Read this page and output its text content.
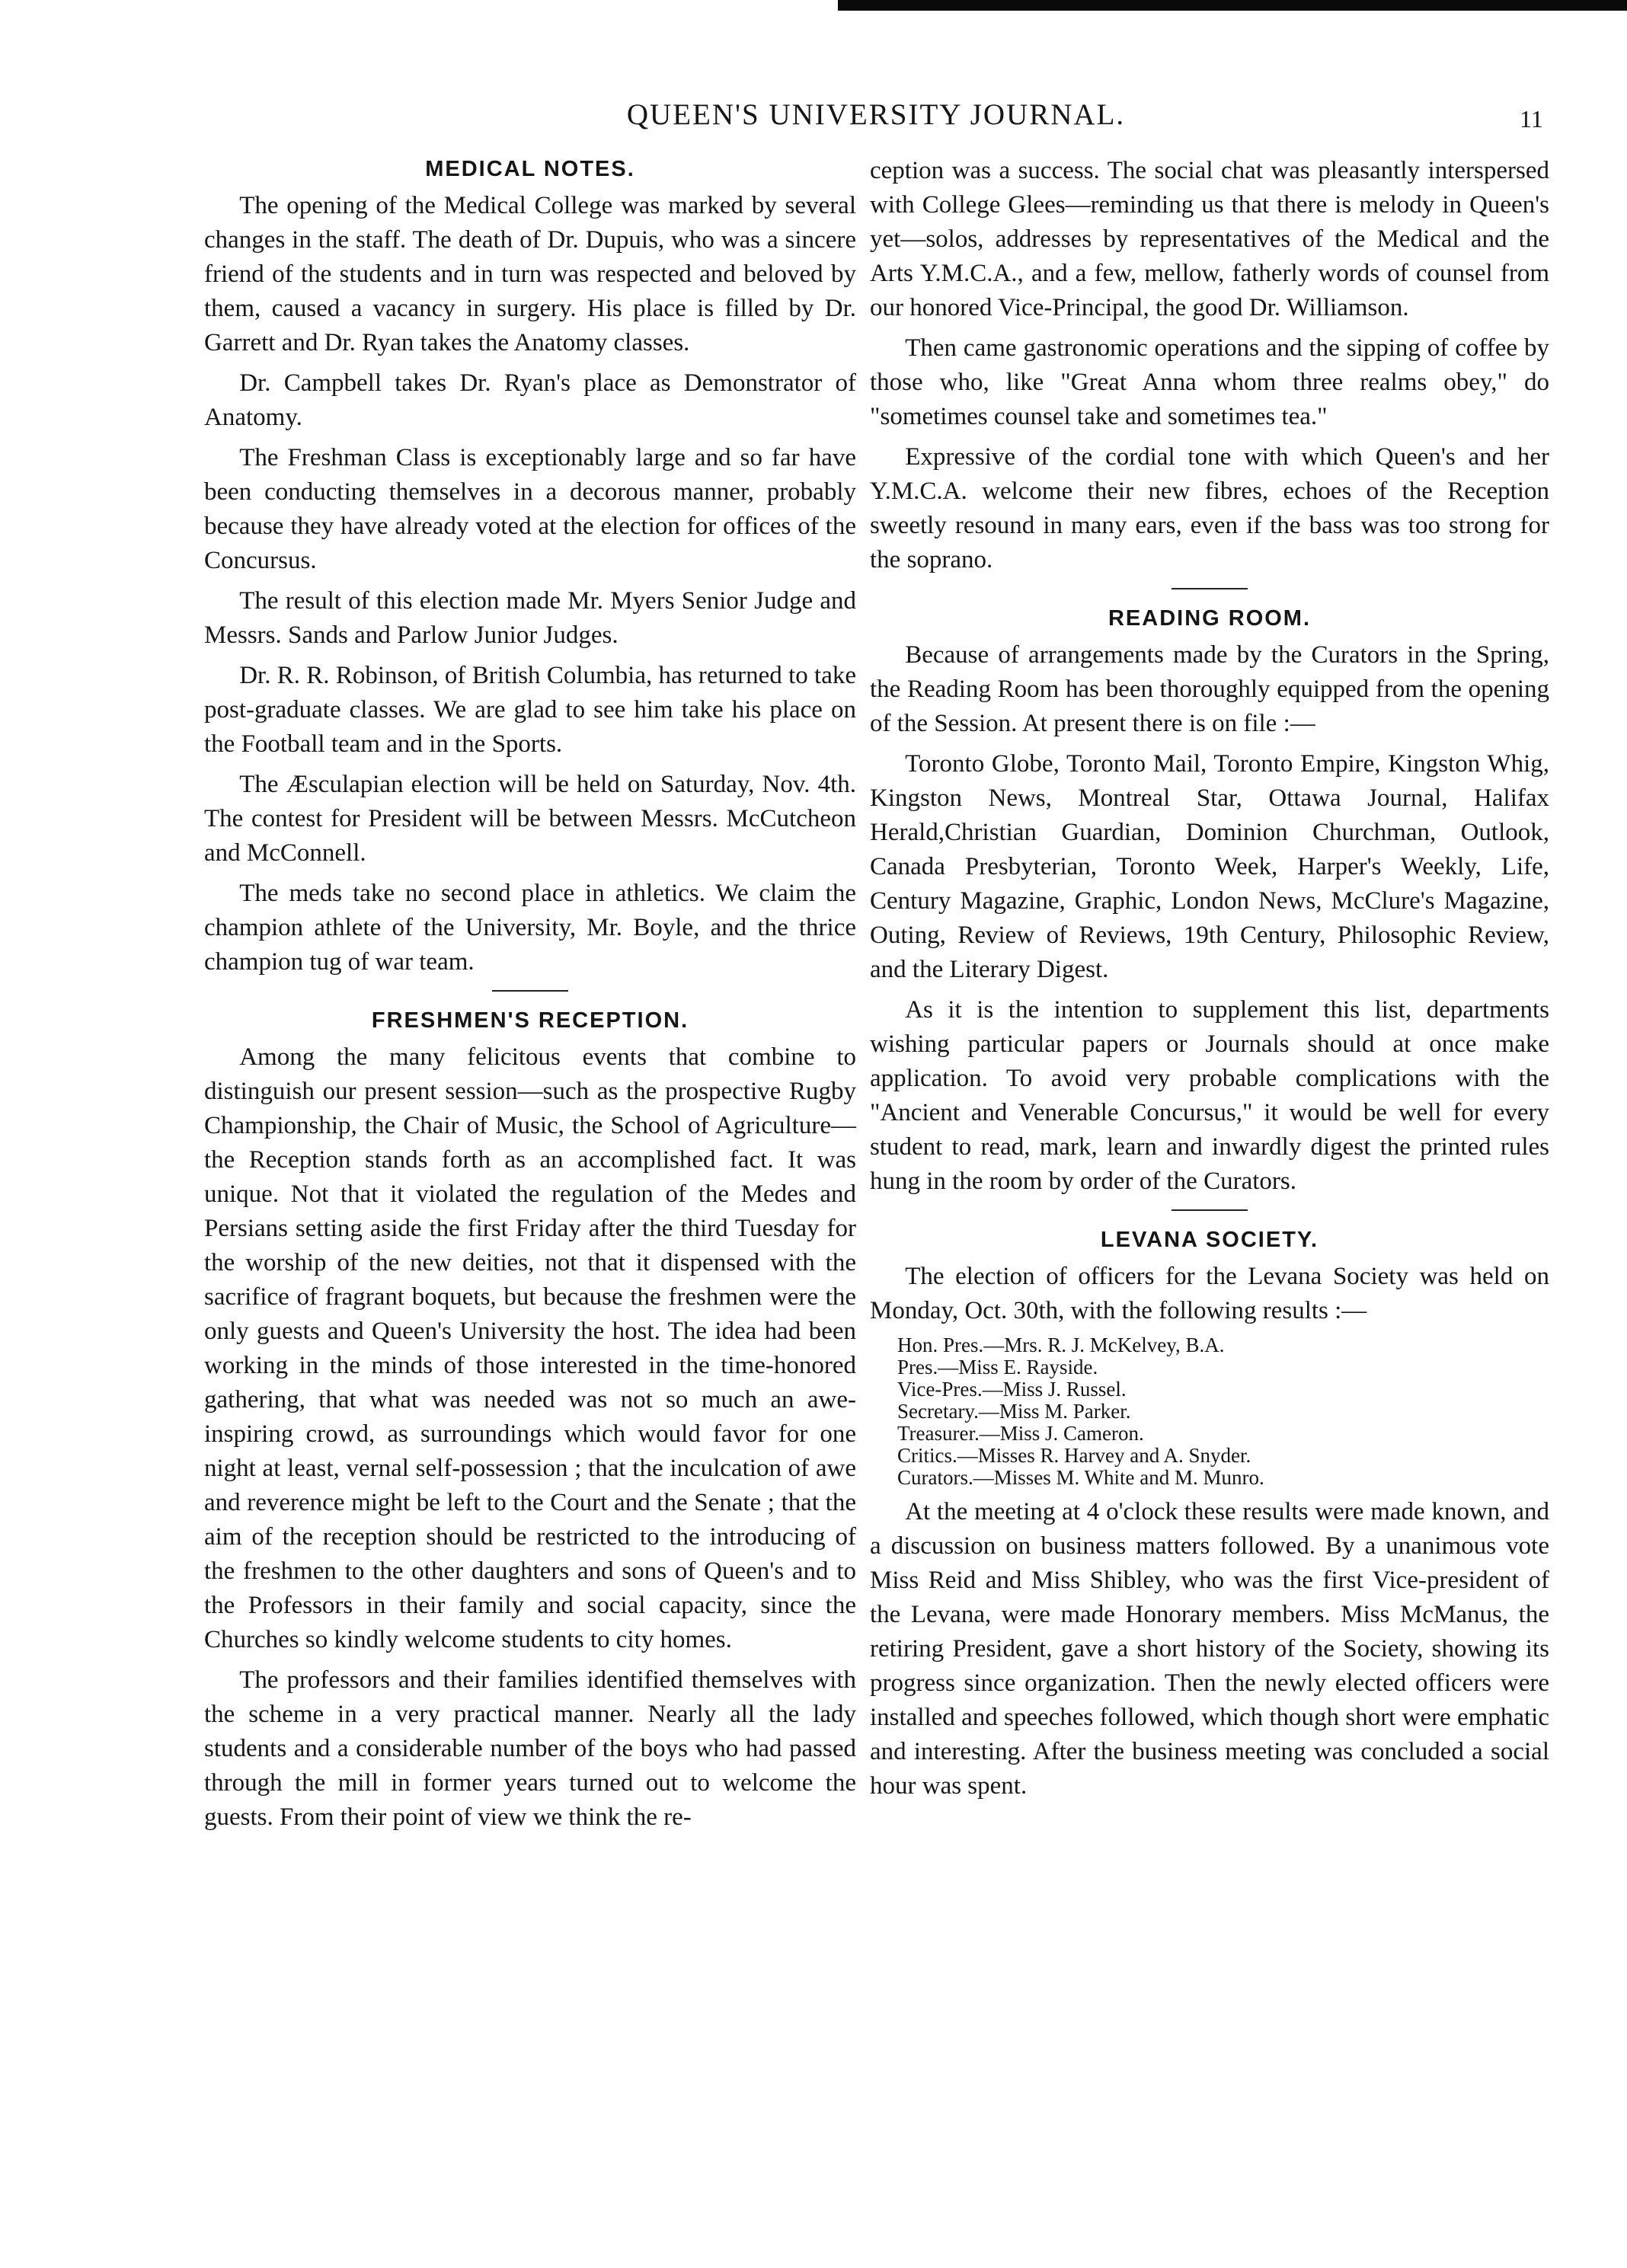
QUEEN'S UNIVERSITY JOURNAL.	11
MEDICAL NOTES.

The opening of the Medical College was marked by several changes in the staff. The death of Dr. Dupuis, who was a sincere friend of the students and in turn was respected and beloved by them, caused a vacancy in surgery. His place is filled by Dr. Garrett and Dr. Ryan takes the Anatomy classes.

Dr. Campbell takes Dr. Ryan's place as Demonstrator of Anatomy.

The Freshman Class is exceptionably large and so far have been conducting themselves in a decorous manner, probably because they have already voted at the election for offices of the Concursus.

The result of this election made Mr. Myers Senior Judge and Messrs. Sands and Parlow Junior Judges.

Dr. R. R. Robinson, of British Columbia, has returned to take post-graduate classes. We are glad to see him take his place on the Football team and in the Sports.

The Æsculapian election will be held on Saturday, Nov. 4th. The contest for President will be between Messrs. McCutcheon and McConnell.

The meds take no second place in athletics. We claim the champion athlete of the University, Mr. Boyle, and the thrice champion tug of war team.

FRESHMEN'S RECEPTION.

Among the many felicitous events that combine to distinguish our present session—such as the prospective Rugby Championship, the Chair of Music, the School of Agriculture—the Reception stands forth as an accomplished fact. It was unique. Not that it violated the regulation of the Medes and Persians setting aside the first Friday after the third Tuesday for the worship of the new deities, not that it dispensed with the sacrifice of fragrant boquets, but because the freshmen were the only guests and Queen's University the host. The idea had been working in the minds of those interested in the time-honored gathering, that what was needed was not so much an awe-inspiring crowd, as surroundings which would favor for one night at least, vernal self-possession ; that the inculcation of awe and reverence might be left to the Court and the Senate ; that the aim of the reception should be restricted to the introducing of the freshmen to the other daughters and sons of Queen's and to the Professors in their family and social capacity, since the Churches so kindly welcome students to city homes.

The professors and their families identified themselves with the scheme in a very practical manner. Nearly all the lady students and a considerable number of the boys who had passed through the mill in former years turned out to welcome the guests. From their point of view we think the re-

ception was a success. The social chat was pleasantly interspersed with College Glees—reminding us that there is melody in Queen's yet—solos, addresses by representatives of the Medical and the Arts Y.M.C.A., and a few, mellow, fatherly words of counsel from our honored Vice-Principal, the good Dr. Williamson.

Then came gastronomic operations and the sipping of coffee by those who, like "Great Anna whom three realms obey," do "sometimes counsel take and sometimes tea."

Expressive of the cordial tone with which Queen's and her Y.M.C.A. welcome their new fibres, echoes of the Reception sweetly resound in many ears, even if the bass was too strong for the soprano.

READING ROOM.

Because of arrangements made by the Curators in the Spring, the Reading Room has been thoroughly equipped from the opening of the Session. At present there is on file :—

Toronto Globe, Toronto Mail, Toronto Empire, Kingston Whig, Kingston News, Montreal Star, Ottawa Journal, Halifax Herald,Christian Guardian, Dominion Churchman, Outlook, Canada Presbyterian, Toronto Week, Harper's Weekly, Life, Century Magazine, Graphic, London News, McClure's Magazine, Outing, Review of Reviews, 19th Century, Philosophic Review, and the Literary Digest.

As it is the intention to supplement this list, departments wishing particular papers or Journals should at once make application. To avoid very probable complications with the "Ancient and Venerable Concursus," it would be well for every student to read, mark, learn and inwardly digest the printed rules hung in the room by order of the Curators.

LEVANA SOCIETY.

The election of officers for the Levana Society was held on Monday, Oct. 30th, with the following results :—

Hon. Pres.—Mrs. R. J. McKelvey, B.A.
Pres.—Miss E. Rayside.
Vice-Pres.—Miss J. Russel.
Secretary.—Miss M. Parker.
Treasurer.—Miss J. Cameron.
Critics.—Misses R. Harvey and A. Snyder.
Curators.—Misses M. White and M. Munro.

At the meeting at 4 o'clock these results were made known, and a discussion on business matters followed. By a unanimous vote Miss Reid and Miss Shibley, who was the first Vice-president of the Levana, were made Honorary members. Miss McManus, the retiring President, gave a short history of the Society, showing its progress since organization. Then the newly elected officers were installed and speeches followed, which though short were emphatic and interesting. After the business meeting was concluded a social hour was spent.
